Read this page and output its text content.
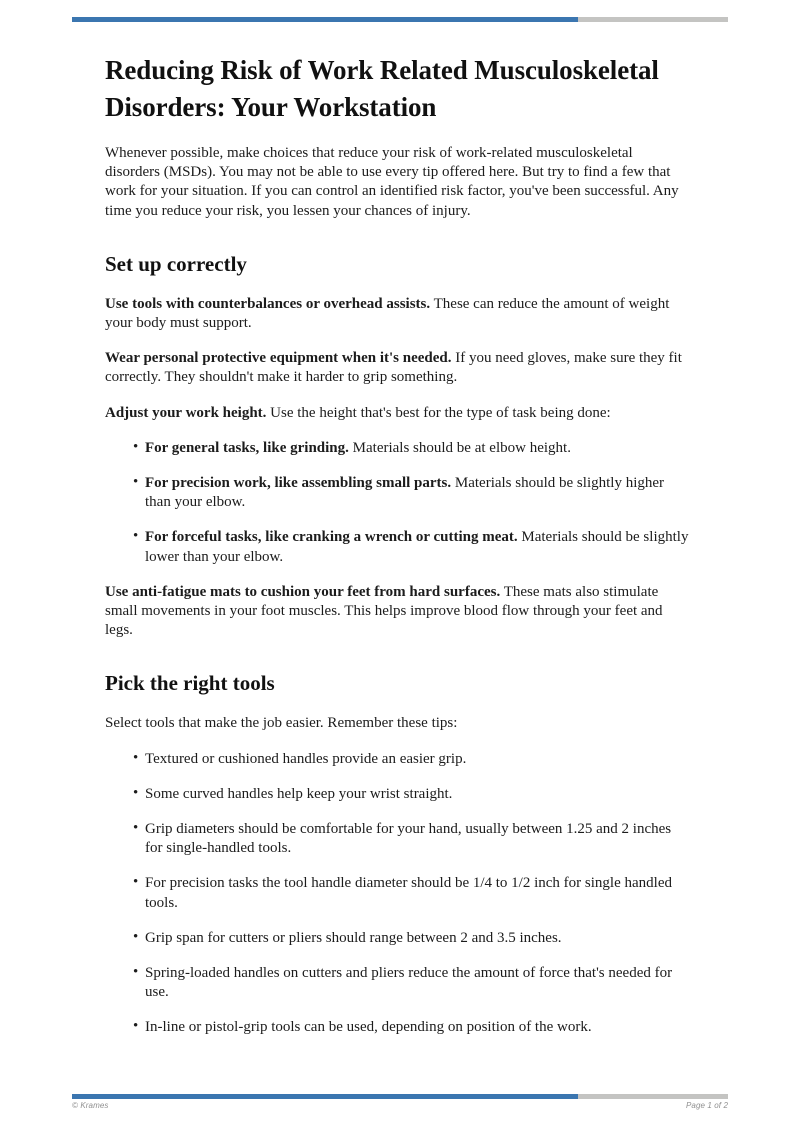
Reducing Risk of Work Related Musculoskeletal Disorders: Your Workstation

Whenever possible, make choices that reduce your risk of work-related musculoskeletal disorders (MSDs). You may not be able to use every tip offered here. But try to find a few that work for your situation. If you can control an identified risk factor, you've been successful. Any time you reduce your risk, you lessen your chances of injury.

Set up correctly

Use tools with counterbalances or overhead assists. These can reduce the amount of weight your body must support.

Wear personal protective equipment when it's needed. If you need gloves, make sure they fit correctly. They shouldn't make it harder to grip something.

Adjust your work height. Use the height that's best for the type of task being done:

• For general tasks, like grinding. Materials should be at elbow height.
• For precision work, like assembling small parts. Materials should be slightly higher than your elbow.
• For forceful tasks, like cranking a wrench or cutting meat. Materials should be slightly lower than your elbow.

Use anti-fatigue mats to cushion your feet from hard surfaces. These mats also stimulate small movements in your foot muscles. This helps improve blood flow through your feet and legs.

Pick the right tools

Select tools that make the job easier. Remember these tips:

• Textured or cushioned handles provide an easier grip.
• Some curved handles help keep your wrist straight.
• Grip diameters should be comfortable for your hand, usually between 1.25 and 2 inches for single-handled tools.
• For precision tasks the tool handle diameter should be 1/4 to 1/2 inch for single handled tools.
• Grip span for cutters or pliers should range between 2 and 3.5 inches.
• Spring-loaded handles on cutters and pliers reduce the amount of force that's needed for use.
• In-line or pistol-grip tools can be used, depending on position of the work.
© Krames	Page 1 of 2
